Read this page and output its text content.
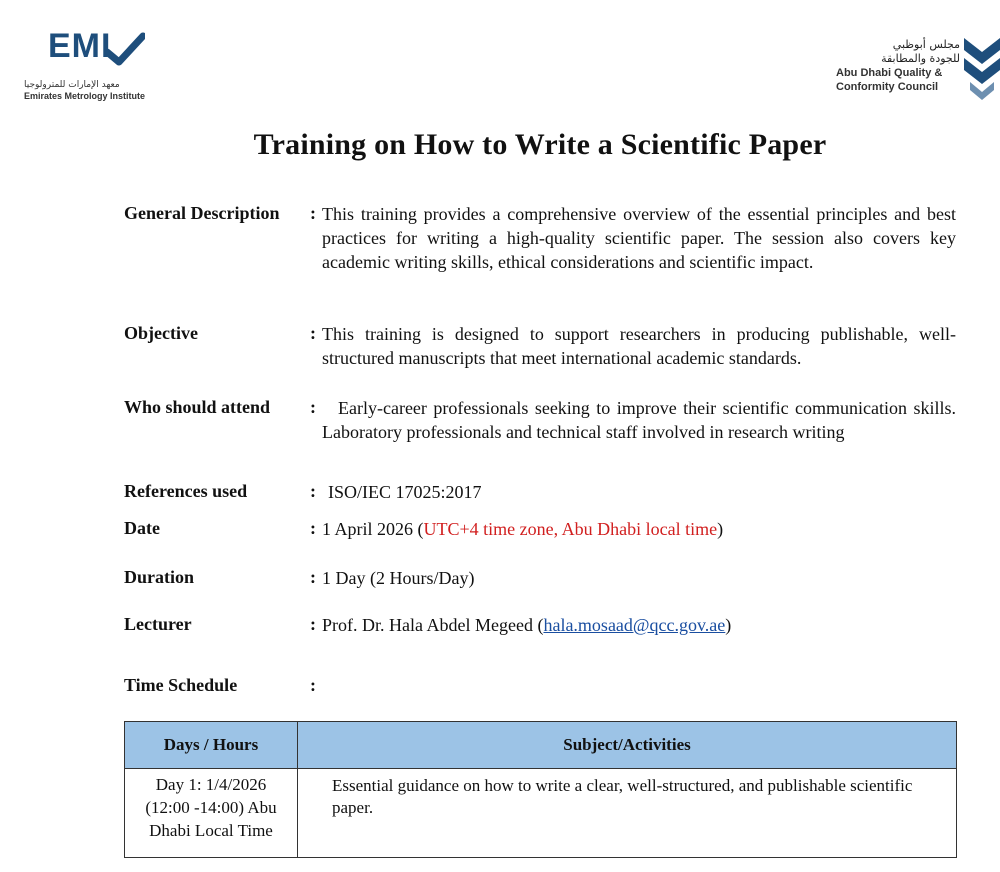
EMI
معهد الإمارات للمترولوجيا
Emirates Metrology Institute
مجلس أبوظبي
للجودة والمطابقة
Abu Dhabi Quality &
Conformity Council
Training on How to Write a Scientific Paper
General Description : This training provides a comprehensive overview of the essential principles and best practices for writing a high-quality scientific paper. The session also covers key academic writing skills, ethical considerations and scientific impact.
Objective	: This training is designed to support researchers in producing publishable, well-structured manuscripts that meet international academic standards.
Who should attend :	Early-career professionals seeking to improve their scientific communication skills. Laboratory professionals and technical staff involved in research writing
References used	: ISO/IEC 17025:2017
Date	: 1 April 2026 (UTC+4 time zone, Abu Dhabi local time)
Duration	: 1 Day (2 Hours/Day)
Lecturer	: Prof. Dr. Hala Abdel Megeed (hala.mosaad@qcc.gov.ae)
Time Schedule	:
Days / Hours	Subject/Activities

Day 1: 1/4/2026
(12:00 -14:00) Abu
Dhabi Local Time	Essential guidance on how to write a clear, well-structured, and publishable scientific paper.
